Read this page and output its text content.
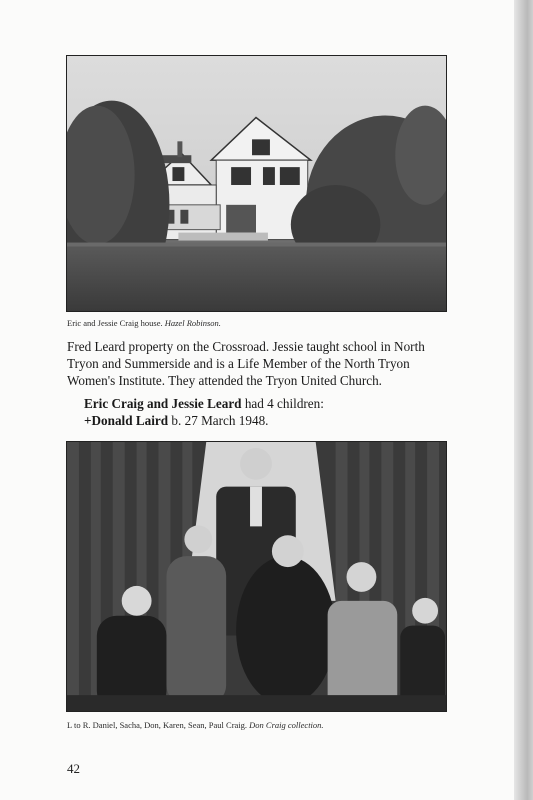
Eric and Jessie Craig house. Hazel Robinson.
Fred Leard property on the Crossroad. Jessie taught school in North
Tryon and Summerside and is a Life Member of the North Tryon
Women's Institute. They attended the Tryon United Church.
Eric Craig and Jessie Leard had 4 children:
+Donald Laird b. 27 March 1948.
L to R. Daniel, Sacha, Don, Karen, Sean, Paul Craig. Don Craig collection.
42
